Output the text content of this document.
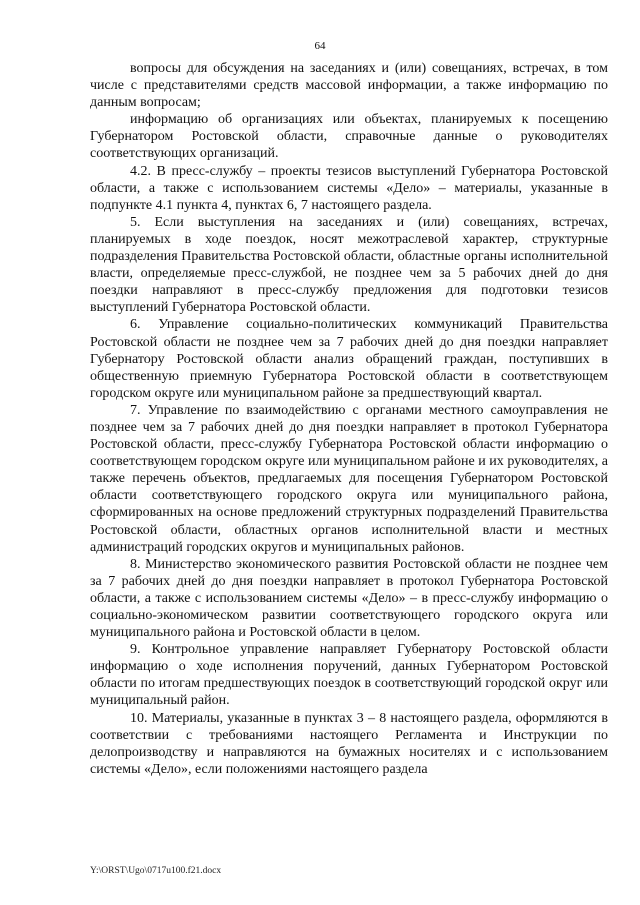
64

вопросы для обсуждения на заседаниях и (или) совещаниях, встречах, в том числе с представителями средств массовой информации, а также информацию по данным вопросам;

информацию об организациях или объектах, планируемых к посещению Губернатором Ростовской области, справочные данные о руководителях соответствующих организаций.

4.2. В пресс-службу – проекты тезисов выступлений Губернатора Ростовской области, а также с использованием системы «Дело» – материалы, указанные в подпункте 4.1 пункта 4, пунктах 6, 7 настоящего раздела.

5. Если выступления на заседаниях и (или) совещаниях, встречах, планируемых в ходе поездок, носят межотраслевой характер, структурные подразделения Правительства Ростовской области, областные органы исполнительной власти, определяемые пресс-службой, не позднее чем за 5 рабочих дней до дня поездки направляют в пресс-службу предложения для подготовки тезисов выступлений Губернатора Ростовской области.

6. Управление социально-политических коммуникаций Правительства Ростовской области не позднее чем за 7 рабочих дней до дня поездки направляет Губернатору Ростовской области анализ обращений граждан, поступивших в общественную приемную Губернатора Ростовской области в соответствующем городском округе или муниципальном районе за предшествующий квартал.

7. Управление по взаимодействию с органами местного самоуправления не позднее чем за 7 рабочих дней до дня поездки направляет в протокол Губернатора Ростовской области, пресс-службу Губернатора Ростовской области информацию о соответствующем городском округе или муниципальном районе и их руководителях, а также перечень объектов, предлагаемых для посещения Губернатором Ростовской области соответствующего городского округа или муниципального района, сформированных на основе предложений структурных подразделений Правительства Ростовской области, областных органов исполнительной власти и местных администраций городских округов и муниципальных районов.

8. Министерство экономического развития Ростовской области не позднее чем за 7 рабочих дней до дня поездки направляет в протокол Губернатора Ростовской области, а также с использованием системы «Дело» – в пресс-службу информацию о социально-экономическом развитии соответствующего городского округа или муниципального района и Ростовской области в целом.

9. Контрольное управление направляет Губернатору Ростовской области информацию о ходе исполнения поручений, данных Губернатором Ростовской области по итогам предшествующих поездок в соответствующий городской округ или муниципальный район.

10. Материалы, указанные в пунктах 3 – 8 настоящего раздела, оформляются в соответствии с требованиями настоящего Регламента и Инструкции по делопроизводству и направляются на бумажных носителях и с использованием системы «Дело», если положениями настоящего раздела

Y:\ORST\Ugo\0717u100.f21.docx
